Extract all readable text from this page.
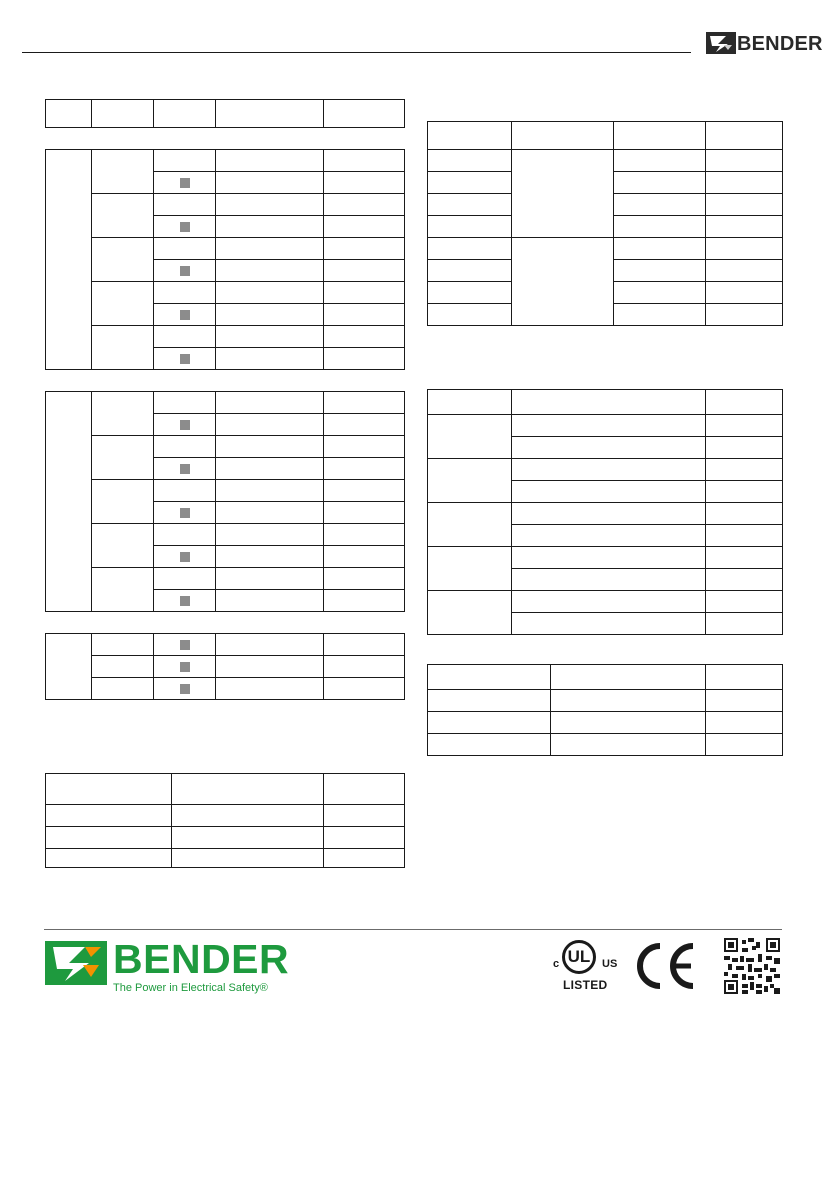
BENDER

BENDER
The Power in Electrical Safety®
c UL	US
LISTED
